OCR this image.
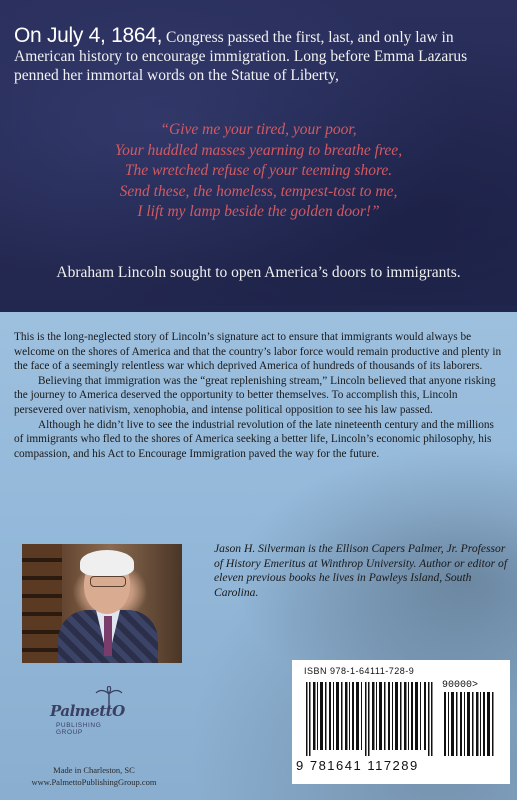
On July 4, 1864, Congress passed the first, last, and only law in American history to encourage immigration. Long before Emma Lazarus penned her immortal words on the Statue of Liberty,
“Give me your tired, your poor,
Your huddled masses yearning to breathe free,
The wretched refuse of your teeming shore.
Send these, the homeless, tempest-tost to me,
I lift my lamp beside the golden door!”
Abraham Lincoln sought to open America’s doors to immigrants.

This is the long-neglected story of Lincoln’s signature act to ensure that immigrants would always be welcome on the shores of America and that the country’s labor force would remain productive and plenty in the face of a seemingly relentless war which deprived America of hundreds of thousands of its laborers.

Believing that immigration was the “great replenishing stream,” Lincoln believed that anyone risking the journey to America deserved the opportunity to better themselves. To accomplish this, Lincoln persevered over nativism, xenophobia, and intense political opposition to see his law passed.

Although he didn’t live to see the industrial revolution of the late nineteenth century and the millions of immigrants who fled to the shores of America seeking a better life, Lincoln’s economic philosophy, his compassion, and his Act to Encourage Immigration paved the way for the future.

Jason H. Silverman is the Ellison Capers Palmer, Jr. Professor of History Emeritus at Winthrop University. Author or editor of eleven previous books he lives in Pawleys Island, South Carolina.
PalmettO
PUBLISHING GROUP
Made in Charleston, SC
www.PalmettoPublishingGroup.com
ISBN 978-1-64111-728-9
90000>
9 781641 117289
